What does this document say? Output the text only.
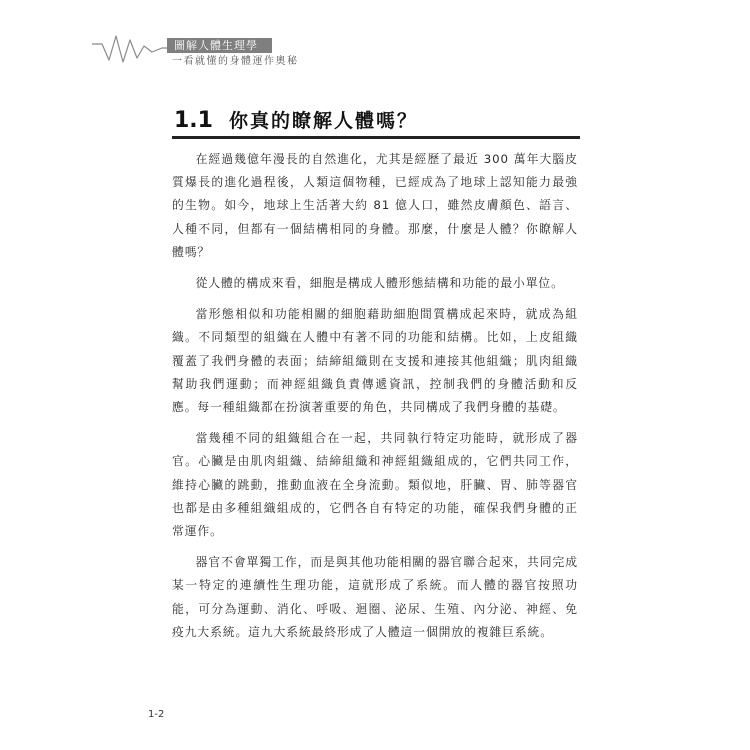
圖解人體生理學
一看就懂的身體運作奧秘
1.1 你真的瞭解人體嗎？

在經過幾億年漫長的自然進化，尤其是經歷了最近 300 萬年大腦皮質爆長的進化過程後，人類這個物種，已經成為了地球上認知能力最強的生物。如今，地球上生活著大約 81 億人口，雖然皮膚顏色、語言、人種不同，但都有一個結構相同的身體。那麼，什麼是人體？你瞭解人體嗎？

從人體的構成來看，細胞是構成人體形態結構和功能的最小單位。

當形態相似和功能相關的細胞藉助細胞間質構成起來時，就成為組織。不同類型的組織在人體中有著不同的功能和結構。比如，上皮組織覆蓋了我們身體的表面；結締組織則在支援和連接其他組織；肌肉組織幫助我們運動；而神經組織負責傳遞資訊，控制我們的身體活動和反應。每一種組織都在扮演著重要的角色，共同構成了我們身體的基礎。

當幾種不同的組織組合在一起，共同執行特定功能時，就形成了器官。心臟是由肌肉組織、結締組織和神經組織組成的，它們共同工作，維持心臟的跳動，推動血液在全身流動。類似地，肝臟、胃、肺等器官也都是由多種組織組成的，它們各自有特定的功能，確保我們身體的正常運作。

器官不會單獨工作，而是與其他功能相關的器官聯合起來，共同完成某一特定的連續性生理功能，這就形成了系統。而人體的器官按照功能，可分為運動、消化、呼吸、迴圈、泌尿、生殖、內分泌、神經、免疫九大系統。這九大系統最終形成了人體這一個開放的複雜巨系統。

1-2
